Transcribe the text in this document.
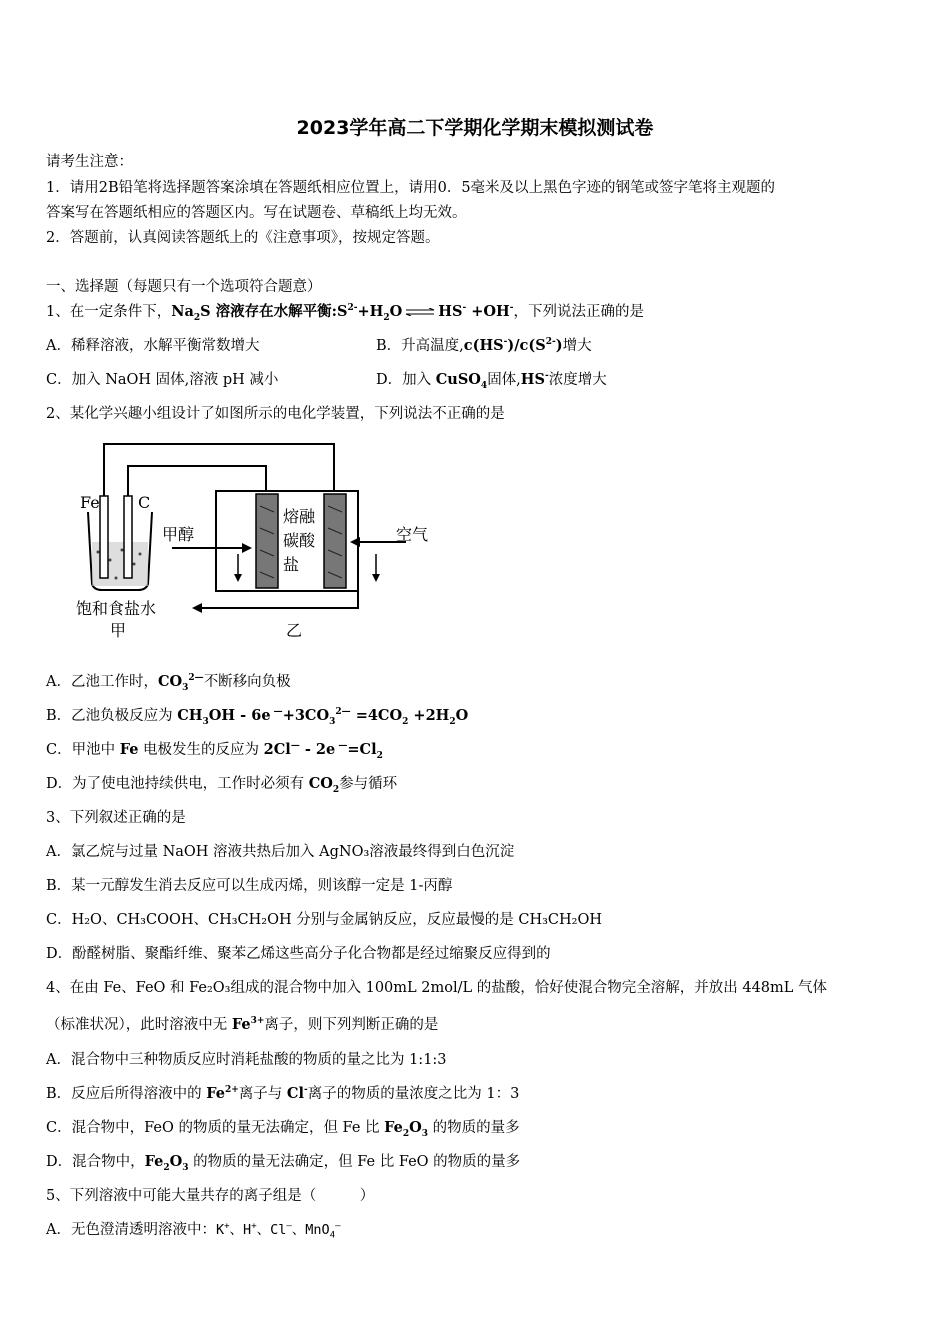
2023学年高二下学期化学期末模拟测试卷
请考生注意：
1．请用2B铅笔将选择题答案涂填在答题纸相应位置上，请用0．5毫米及以上黑色字迹的钢笔或签字笔将主观题的
答案写在答题纸相应的答题区内。写在试题卷、草稿纸上均无效。
2．答题前，认真阅读答题纸上的《注意事项》，按规定答题。
一、选择题（每题只有一个选项符合题意）
1、在一定条件下，$Na_2S$ 溶液存在水解平衡$:S^{2-}+H_2O$ ⇌ HS- +OH-，下列说法正确的是
A．稀释溶液，水解平衡常数增大	B．升高温度$,c(HS^-)/c(S^{2-})$增大
C．加入 NaOH 固体,溶液 pH 减小	D．加入 CuSO$_4$固体,HS-浓度增大
2、某化学兴趣小组设计了如图所示的电化学装置，下列说法不正确的是
Fe C
甲醇
饱和食盐水
甲
熔融
碳酸
盐
空气
乙
A．乙池工作时，$CO_3^{2—}$不断移向负极
B．乙池负极反应为 $CH_3OH - 6e$ $^—+3CO_3^{2—} =4CO_2 +2H_2O$
C．甲池中 Fe 电极发生的反应为 2Cl— - 2e $^—=Cl_2$
D．为了使电池持续供电，工作时必须有 $CO_2$参与循环
3、下列叙述正确的是
A．氯乙烷与过量 NaOH 溶液共热后加入 AgNO₃溶液最终得到白色沉淀
B．某一元醇发生消去反应可以生成丙烯，则该醇一定是 1-丙醇
C．H₂O、CH₃COOH、CH₃CH₂OH 分别与金属钠反应，反应最慢的是 CH₃CH₂OH
D．酚醛树脂、聚酯纤维、聚苯乙烯这些高分子化合物都是经过缩聚反应得到的
4、在由 Fe、FeO 和 Fe₂O₃组成的混合物中加入 100mL 2mol/L 的盐酸，恰好使混合物完全溶解，并放出 448mL 气体
（标准状况），此时溶液中无 $Fe^{3+}$离子，则下列判断正确的是
A．混合物中三种物质反应时消耗盐酸的物质的量之比为 1:1:3
B．反应后所得溶液中的 $Fe^{2+}$离子与 Cl-离子的物质的量浓度之比为 1：3
C．混合物中，FeO 的物质的量无法确定，但 Fe 比 $Fe_2O_3$ 的物质的量多
D．混合物中，$Fe_2O_3$ 的物质的量无法确定，但 Fe 比 FeO 的物质的量多
5、下列溶液中可能大量共存的离子组是（　　　）
A．无色澄清透明溶液中：K+、H+、Cl—、MnO$_4$—
